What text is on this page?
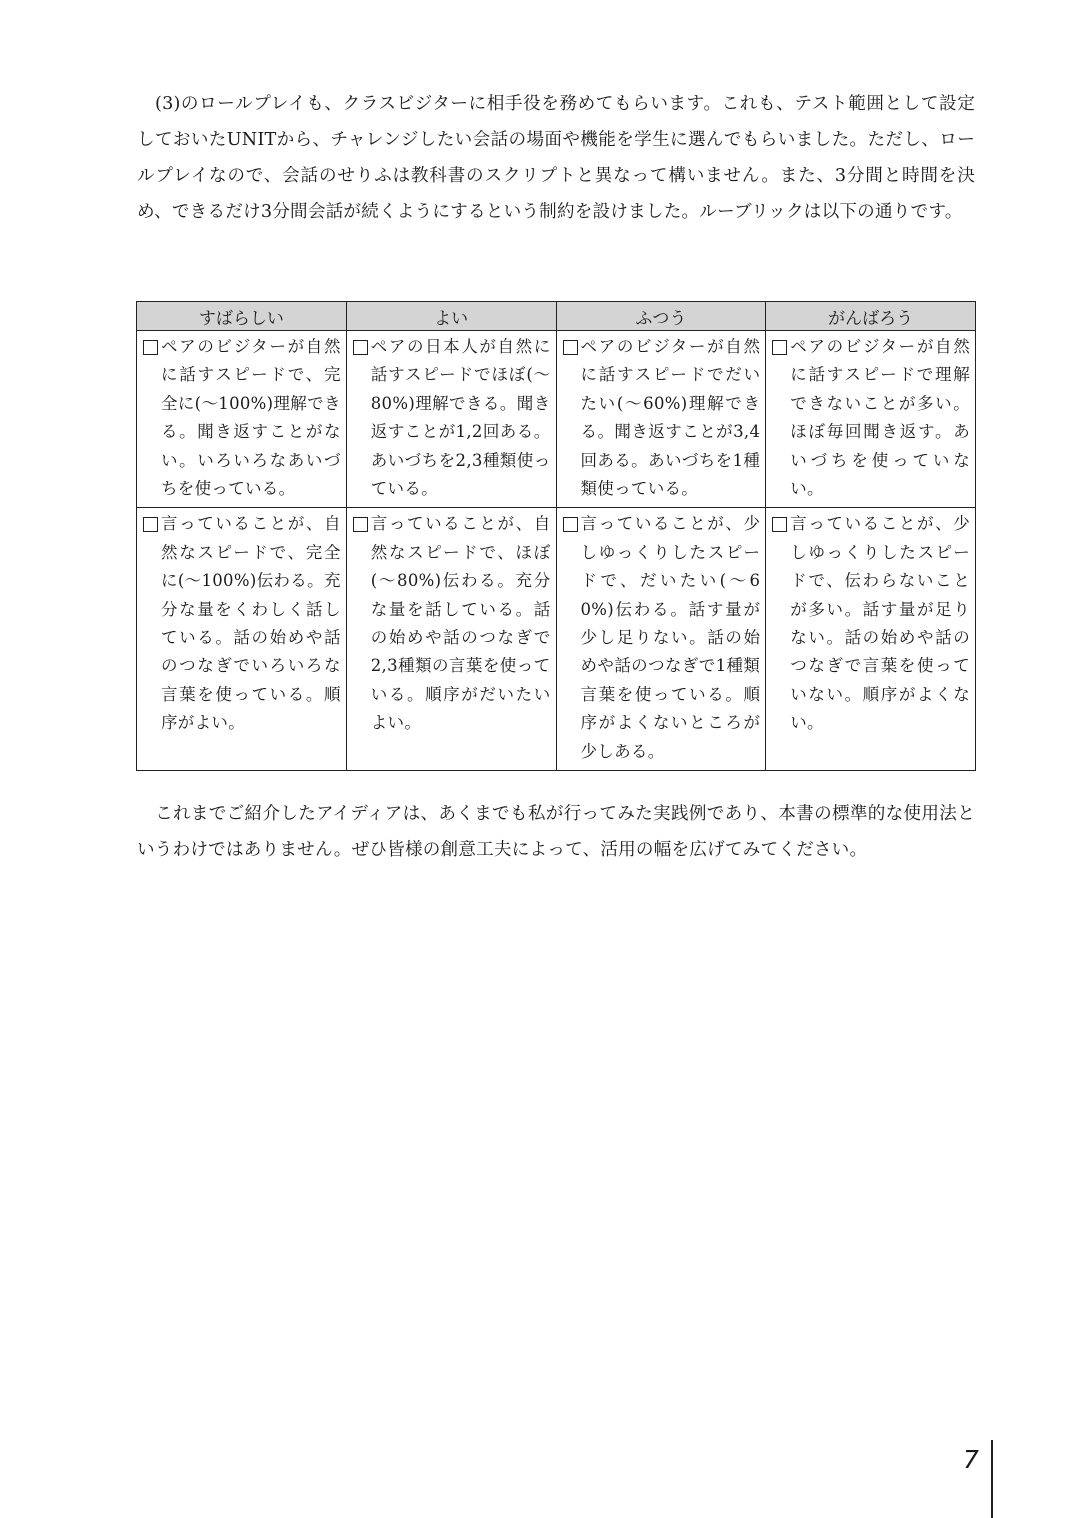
(3)のロールプレイも、クラスビジターに相手役を務めてもらいます。これも、テスト範囲として設定しておいたUNITから、チャレンジしたい会話の場面や機能を学生に選んでもらいました。ただし、ロールプレイなので、会話のせりふは教科書のスクリプトと異なって構いません。また、3分間と時間を決め、できるだけ3分間会話が続くようにするという制約を設けました。ルーブリックは以下の通りです。

すばらしい	よい	ふつう	がんばろう

ペアのビジターが自然に話すスピードで、完全に(～100%)理解できる。聞き返すことがない。いろいろなあいづちを使っている。	ペアの日本人が自然に話すスピードでほぼ(～80%)理解できる。聞き返すことが1,2回ある。あいづちを2,3種類使っている。	ペアのビジターが自然に話すスピードでだいたい(～60%)理解できる。聞き返すことが3,4回ある。あいづちを1種類使っている。	ペアのビジターが自然に話すスピードで理解できないことが多い。ほぼ毎回聞き返す。あいづちを使っていない。

言っていることが、自然なスピードで、完全に(～100%)伝わる。充分な量をくわしく話している。話の始めや話のつなぎでいろいろな言葉を使っている。順序がよい。	言っていることが、自然なスピードで、ほぼ(～80%)伝わる。充分な量を話している。話の始めや話のつなぎで2,3種類の言葉を使っている。順序がだいたいよい。	言っていることが、少しゆっくりしたスピードで、だいたい(～60%)伝わる。話す量が少し足りない。話の始めや話のつなぎで1種類言葉を使っている。順序がよくないところが少しある。	言っていることが、少しゆっくりしたスピードで、伝わらないことが多い。話す量が足りない。話の始めや話のつなぎで言葉を使っていない。順序がよくない。

これまでご紹介したアイディアは、あくまでも私が行ってみた実践例であり、本書の標準的な使用法というわけではありません。ぜひ皆様の創意工夫によって、活用の幅を広げてみてください。

7
